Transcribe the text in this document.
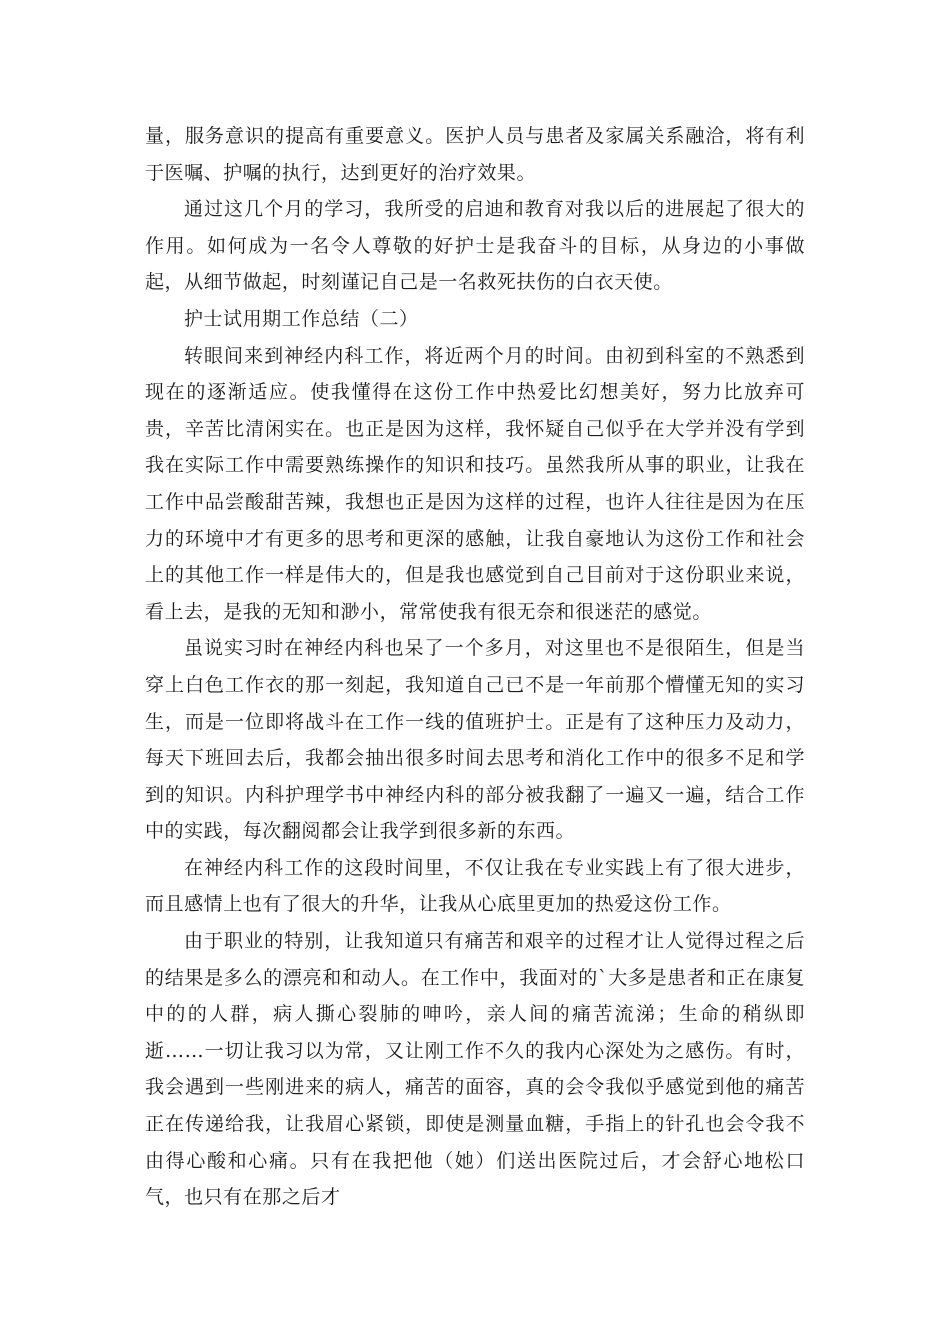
量，服务意识的提高有重要意义。医护人员与患者及家属关系融洽，将有利于医嘱、护嘱的执行，达到更好的治疗效果。

通过这几个月的学习，我所受的启迪和教育对我以后的进展起了很大的作用。如何成为一名令人尊敬的好护士是我奋斗的目标，从身边的小事做起，从细节做起，时刻谨记自己是一名救死扶伤的白衣天使。

护士试用期工作总结（二）

转眼间来到神经内科工作，将近两个月的时间。由初到科室的不熟悉到现在的逐渐适应。使我懂得在这份工作中热爱比幻想美好，努力比放弃可贵，辛苦比清闲实在。也正是因为这样，我怀疑自己似乎在大学并没有学到我在实际工作中需要熟练操作的知识和技巧。虽然我所从事的职业，让我在工作中品尝酸甜苦辣，我想也正是因为这样的过程，也许人往往是因为在压力的环境中才有更多的思考和更深的感触，让我自豪地认为这份工作和社会上的其他工作一样是伟大的，但是我也感觉到自己目前对于这份职业来说，看上去，是我的无知和渺小，常常使我有很无奈和很迷茫的感觉。

虽说实习时在神经内科也呆了一个多月，对这里也不是很陌生，但是当穿上白色工作衣的那一刻起，我知道自己已不是一年前那个懵懂无知的实习生，而是一位即将战斗在工作一线的值班护士。正是有了这种压力及动力，每天下班回去后，我都会抽出很多时间去思考和消化工作中的很多不足和学到的知识。内科护理学书中神经内科的部分被我翻了一遍又一遍，结合工作中的实践，每次翻阅都会让我学到很多新的东西。

在神经内科工作的这段时间里，不仅让我在专业实践上有了很大进步，而且感情上也有了很大的升华，让我从心底里更加的热爱这份工作。

由于职业的特别，让我知道只有痛苦和艰辛的过程才让人觉得过程之后的结果是多么的漂亮和和动人。在工作中，我面对的`大多是患者和正在康复中的的人群，病人撕心裂肺的呻吟，亲人间的痛苦流涕；生命的稍纵即逝……一切让我习以为常，又让刚工作不久的我内心深处为之感伤。有时，我会遇到一些刚进来的病人，痛苦的面容，真的会令我似乎感觉到他的痛苦正在传递给我，让我眉心紧锁，即使是测量血糖，手指上的针孔也会令我不由得心酸和心痛。只有在我把他（她）们送出医院过后，才会舒心地松口气，也只有在那之后才
